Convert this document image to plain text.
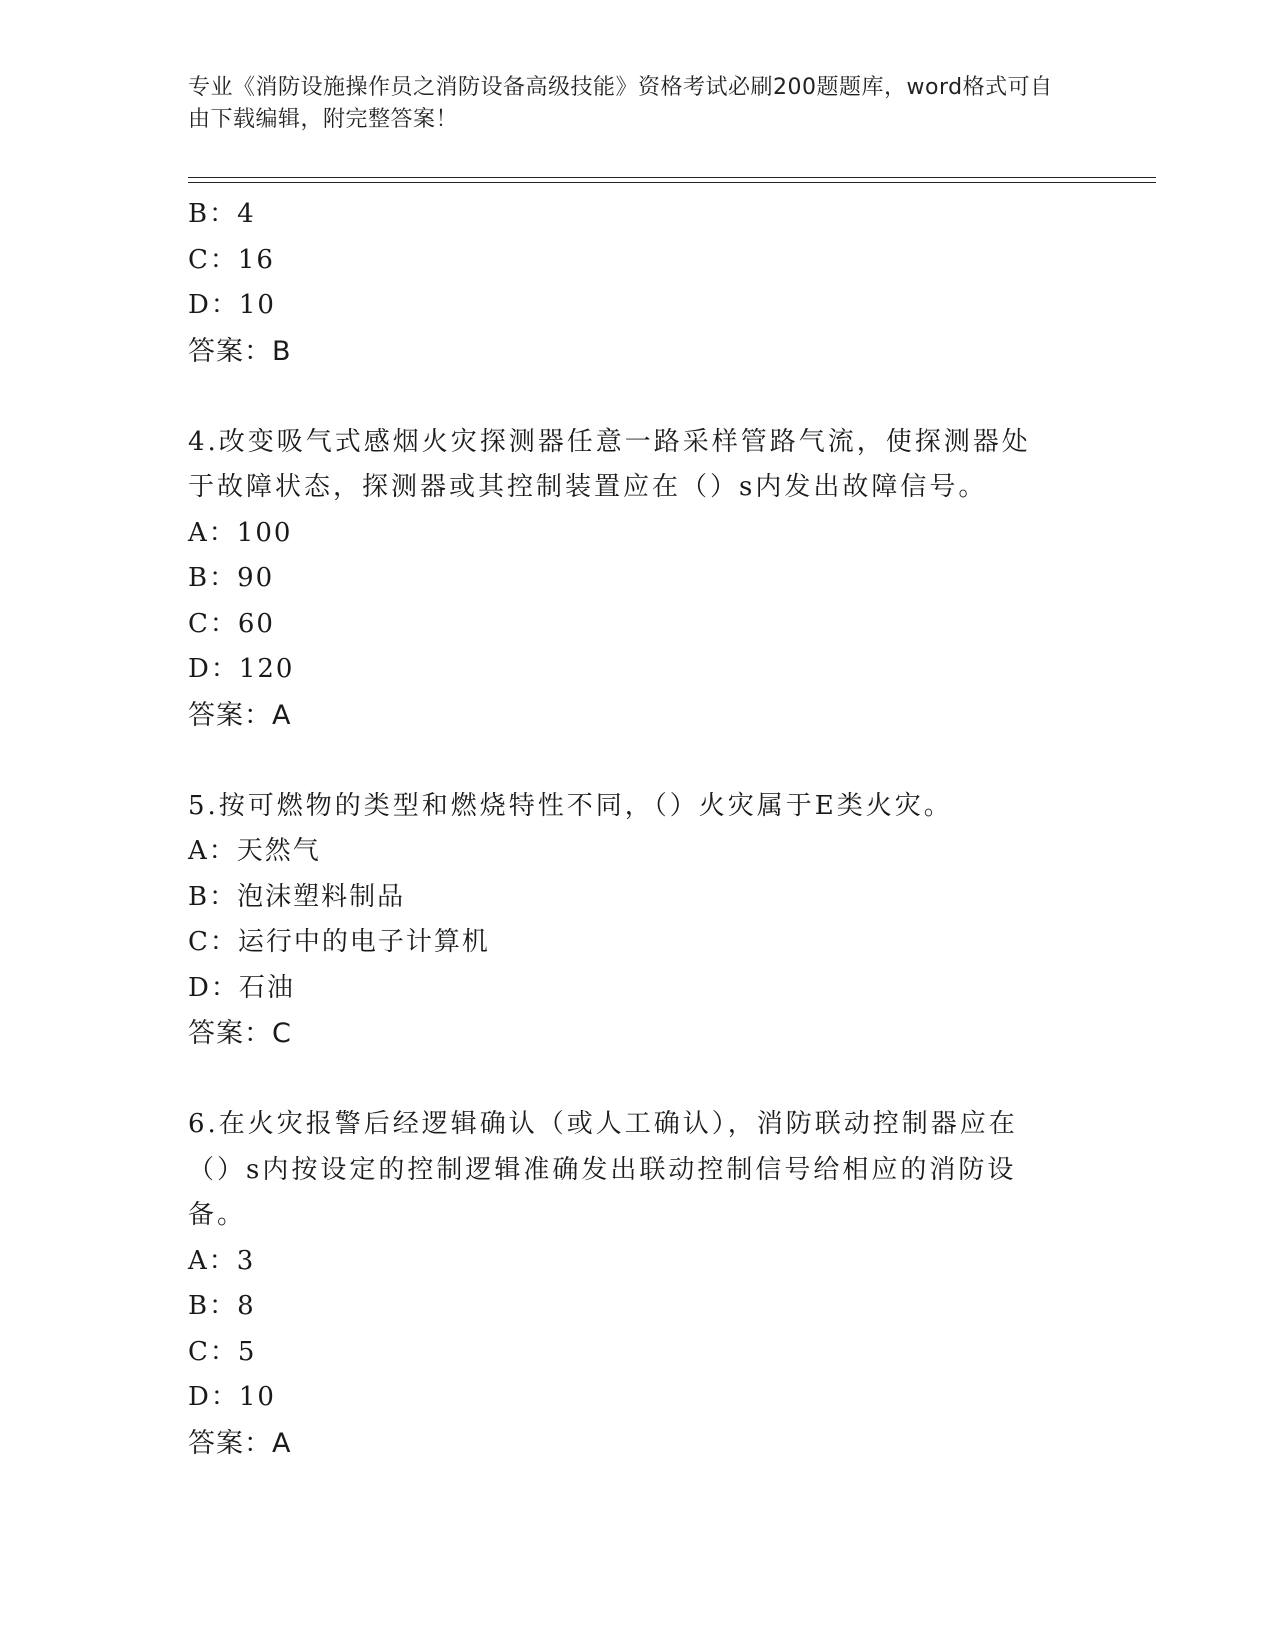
专业《消防设施操作员之消防设备高级技能》资格考试必刷200题题库，word格式可自由下载编辑，附完整答案！
B：4
C：16
D：10
答案：B
4.改变吸气式感烟火灾探测器任意一路采样管路气流，使探测器处于故障状态，探测器或其控制装置应在（）s内发出故障信号。
A：100
B：90
C：60
D：120
答案：A
5.按可燃物的类型和燃烧特性不同，（）火灾属于E类火灾。
A：天然气
B：泡沫塑料制品
C：运行中的电子计算机
D：石油
答案：C
6.在火灾报警后经逻辑确认（或人工确认），消防联动控制器应在（）s内按设定的控制逻辑准确发出联动控制信号给相应的消防设备。
A：3
B：8
C：5
D：10
答案：A
